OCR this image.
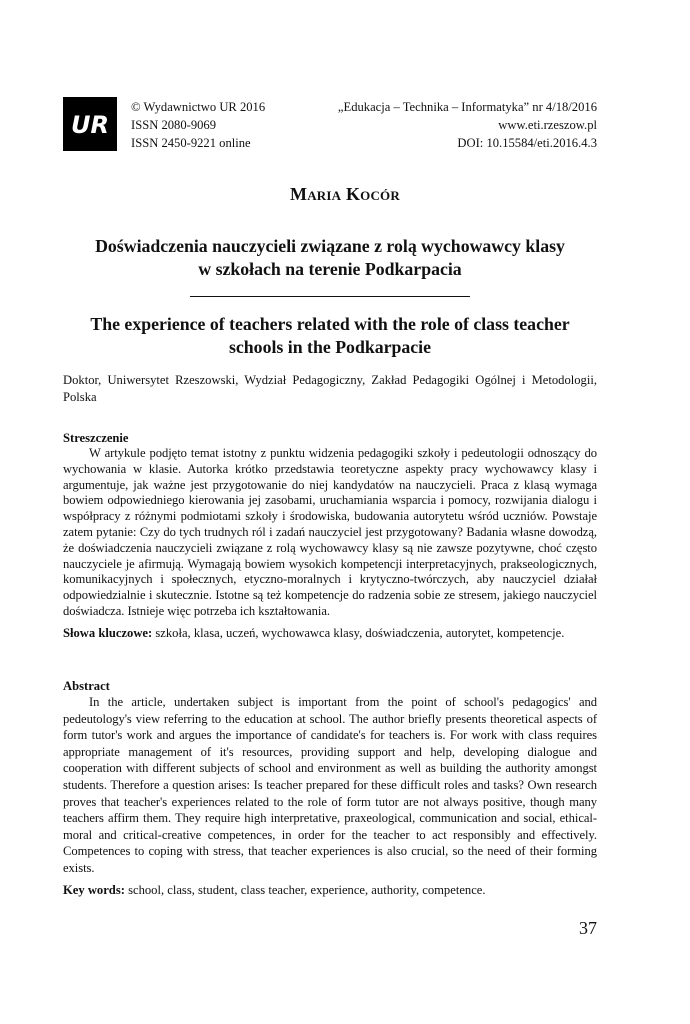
UR
© Wydawnictwo UR 2016
ISSN 2080-9069
ISSN 2450-9221 online
„Edukacja – Technika – Informatyka” nr 4/18/2016
www.eti.rzeszow.pl
DOI: 10.15584/eti.2016.4.3
Maria Kocór
Doświadczenia nauczycieli związane z rolą wychowawcy klasy
w szkołach na terenie Podkarpacia
The experience of teachers related with the role of class teacher
schools in the Podkarpacie
Doktor, Uniwersytet Rzeszowski, Wydział Pedagogiczny, Zakład Pedagogiki Ogólnej i Metodologii, Polska
Streszczenie
W artykule podjęto temat istotny z punktu widzenia pedagogiki szkoły i pedeutologii odnoszący do wychowania w klasie. Autorka krótko przedstawia teoretyczne aspekty pracy wychowawcy klasy i argumentuje, jak ważne jest przygotowanie do niej kandydatów na nauczycieli. Praca z klasą wymaga bowiem odpowiedniego kierowania jej zasobami, uruchamiania wsparcia i pomocy, rozwijania dialogu i współpracy z różnymi podmiotami szkoły i środowiska, budowania autorytetu wśród uczniów. Powstaje zatem pytanie: Czy do tych trudnych ról i zadań nauczyciel jest przygotowany? Badania własne dowodzą, że doświadczenia nauczycieli związane z rolą wychowawcy klasy są nie zawsze pozytywne, choć często nauczyciele je afirmują. Wymagają bowiem wysokich kompetencji interpretacyjnych, prakseologicznych, komunikacyjnych i społecznych, etyczno-moralnych i krytyczno-twórczych, aby nauczyciel działał odpowiedzialnie i skutecznie. Istotne są też kompetencje do radzenia sobie ze stresem, jakiego nauczyciel doświadcza. Istnieje więc potrzeba ich kształtowania.
Słowa kluczowe: szkoła, klasa, uczeń, wychowawca klasy, doświadczenia, autorytet, kompetencje.
Abstract
In the article, undertaken subject is important from the point of school's pedagogics' and pedeutology's view referring to the education at school. The author briefly presents theoretical aspects of form tutor's work and argues the importance of candidate's for teachers is. For work with class requires appropriate management of it's resources, providing support and help, developing dialogue and cooperation with different subjects of school and environment as well as building the authority amongst students. Therefore a question arises: Is teacher prepared for these difficult roles and tasks? Own research proves that teacher's experiences related to the role of form tutor are not always positive, though many teachers affirm them. They require high interpretative, praxeological, communication and social, ethical-moral and critical-creative competences, in order for the teacher to act responsibly and effectively. Competences to coping with stress, that teacher experiences is also crucial, so the need of their forming exists.
Key words: school, class, student, class teacher, experience, authority, competence.
37
